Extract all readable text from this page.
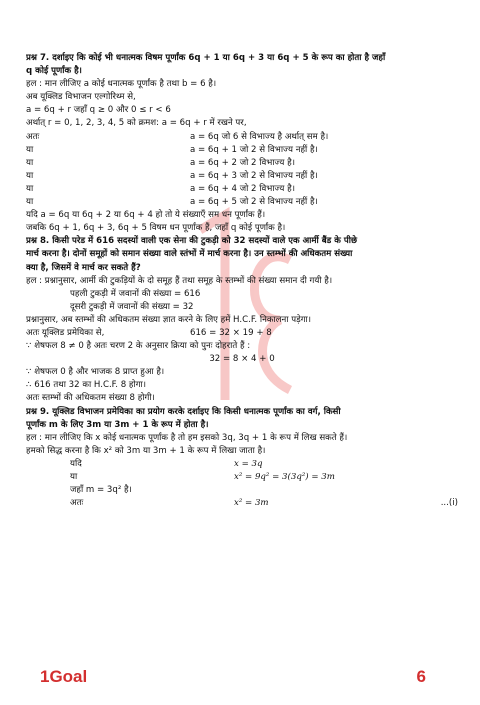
प्रश्न 7. दर्शाइए कि कोई भी धनात्मक विषम पूर्णांक 6q + 1 या 6q + 3 या 6q + 5 के रूप का होता है जहाँ
q कोई पूर्णांक है।
हल : मान लीजिए a कोई धनात्मक पूर्णांक है तथा b = 6 है।
अब यूक्लिड विभाजन एल्गोरिथ्म से,
a = 6q + r जहाँ q ≥ 0 और 0 ≤ r < 6
अर्थात् r = 0, 1, 2, 3, 4, 5 को क्रमश: a = 6q + r में रखने पर,
अतः	a = 6q जो 6 से विभाज्य है अर्थात् सम है।
या	a = 6q + 1 जो 2 से विभाज्य नहीं है।
या	a = 6q + 2 जो 2 विभाज्य है।
या	a = 6q + 3 जो 2 से विभाज्य नहीं है।
या	a = 6q + 4 जो 2 विभाज्य है।
या	a = 6q + 5 जो 2 से विभाज्य नहीं है।
यदि a = 6q या 6q + 2 या 6q + 4 हो तो ये संख्याएँ सम धन पूर्णांक हैं।
जबकि 6q + 1, 6q + 3, 6q + 5 विषम धन पूर्णांक हैं, जहाँ q कोई पूर्णांक है।
प्रश्न 8. किसी परेड में 616 सदस्यों वाली एक सेना की टुकड़ी को 32 सदस्यों वाले एक आर्मी बैंड के पीछे
मार्च करना है। दोनों समूहों को समान संख्या वाले स्तंभों में मार्च करना है। उन स्तम्भों की अधिकतम संख्या
क्या है, जिसमें वे मार्च कर सकते हैं?
हल : प्रश्नानुसार, आर्मी की टुकड़ियों के दो समूह हैं तथा समूह के स्तम्भों की संख्या समान दी गयी है।
पहली टुकड़ी में जवानों की संख्या = 616
दूसरी टुकड़ी में जवानों की संख्या = 32
प्रश्नानुसार, अब स्तम्भों की अधिकतम संख्या ज्ञात करने के लिए हमें H.C.F. निकालना पड़ेगा।
अतः यूक्लिड प्रमेयिका से,	616 = 32 × 19 + 8
∵ शेषफल 8 ≠ 0 है अतः चरण 2 के अनुसार क्रिया को पुनः दोहराते हैं :
32 = 8 × 4 + 0
∵ शेषफल 0 है और भाजक 8 प्राप्त हुआ है।
∴ 616 तथा 32 का H.C.F. 8 होगा।
अतः स्तम्भों की अधिकतम संख्या 8 होगी।
प्रश्न 9. यूक्लिड विभाजन प्रमेयिका का प्रयोग करके दर्शाइए कि किसी धनात्मक पूर्णांक का वर्ग, किसी
पूर्णांक m के लिए 3m या 3m + 1 के रूप में होता है।
हल : मान लीजिए कि x कोई धनात्मक पूर्णांक है तो हम इसको 3q, 3q + 1 के रूप में लिख सकते हैं।
हमको सिद्ध करना है कि x² को 3m या 3m + 1 के रूप में लिखा जाता है।
यदि	x = 3q
या	x² = 9q² = 3(3q²) = 3m
जहाँ m = 3q² है।
अतः	x² = 3m	...(i)
1Goal	6
